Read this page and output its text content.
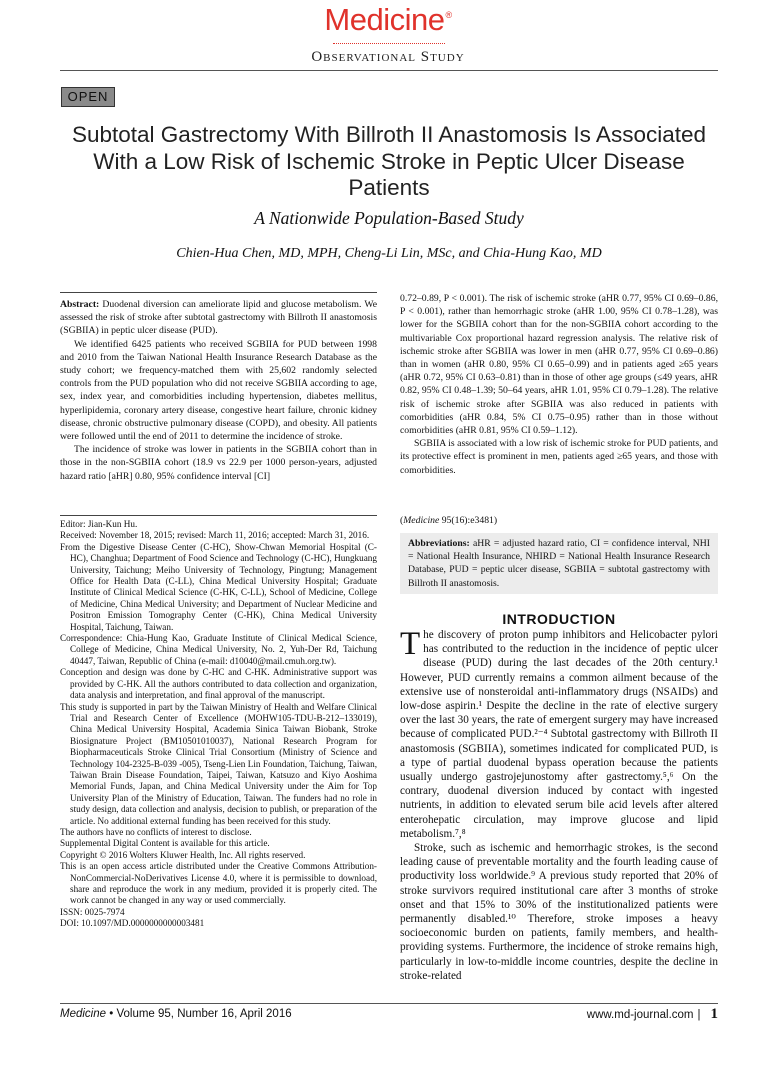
Medicine®
Observational Study
OPEN
Subtotal Gastrectomy With Billroth II Anastomosis Is Associated With a Low Risk of Ischemic Stroke in Peptic Ulcer Disease Patients
A Nationwide Population-Based Study
Chien-Hua Chen, MD, MPH, Cheng-Li Lin, MSc, and Chia-Hung Kao, MD

Abstract: Duodenal diversion can ameliorate lipid and glucose metabolism. We assessed the risk of stroke after subtotal gastrectomy with Billroth II anastomosis (SGBIIA) in peptic ulcer disease (PUD).

We identified 6425 patients who received SGBIIA for PUD between 1998 and 2010 from the Taiwan National Health Insurance Research Database as the study cohort; we frequency-matched them with 25,602 randomly selected controls from the PUD population who did not receive SGBIIA according to age, sex, index year, and comorbidities including hypertension, diabetes mellitus, hyperlipidemia, coronary artery disease, congestive heart failure, chronic kidney disease, chronic obstructive pulmonary disease (COPD), and obesity. All patients were followed until the end of 2011 to determine the incidence of stroke.

The incidence of stroke was lower in patients in the SGBIIA cohort than in those in the non-SGBIIA cohort (18.9 vs 22.9 per 1000 person-years, adjusted hazard ratio [aHR] 0.80, 95% confidence interval [CI]

0.72–0.89, P < 0.001). The risk of ischemic stroke (aHR 0.77, 95% CI 0.69–0.86, P < 0.001), rather than hemorrhagic stroke (aHR 1.00, 95% CI 0.78–1.28), was lower for the SGBIIA cohort than for the non-SGBIIA cohort according to the multivariable Cox proportional hazard regression analysis. The relative risk of ischemic stroke after SGBIIA was lower in men (aHR 0.77, 95% CI 0.69–0.86) than in women (aHR 0.80, 95% CI 0.65–0.99) and in patients aged ≥65 years (aHR 0.72, 95% CI 0.63–0.81) than in those of other age groups (≤49 years, aHR 0.82, 95% CI 0.48–1.39; 50–64 years, aHR 1.01, 95% CI 0.79–1.28). The relative risk of ischemic stroke after SGBIIA was also reduced in patients with comorbidities (aHR 0.84, 5% CI 0.75–0.95) rather than in those without comorbidities (aHR 0.81, 95% CI 0.59–1.12).

SGBIIA is associated with a low risk of ischemic stroke for PUD patients, and its protective effect is prominent in men, patients aged ≥65 years, and those with comorbidities.

(Medicine 95(16):e3481)
Abbreviations: aHR = adjusted hazard ratio, CI = confidence interval, NHI = National Health Insurance, NHIRD = National Health Insurance Research Database, PUD = peptic ulcer disease, SGBIIA = subtotal gastrectomy with Billroth II anastomosis.

Editor: Jian-Kun Hu.

Received: November 18, 2015; revised: March 11, 2016; accepted: March 31, 2016.

From the Digestive Disease Center (C-HC), Show-Chwan Memorial Hospital (C-HC), Changhua; Department of Food Science and Technology (C-HC), Hungkuang University, Taichung; Meiho University of Technology, Pingtung; Management Office for Health Data (C-LL), China Medical University Hospital; Graduate Institute of Clinical Medical Science (C-HK, C-LL), School of Medicine, College of Medicine, China Medical University; and Department of Nuclear Medicine and Positron Emission Tomography Center (C-HK), China Medical University Hospital, Taichung, Taiwan.

Correspondence: Chia-Hung Kao, Graduate Institute of Clinical Medical Science, College of Medicine, China Medical University, No. 2, Yuh-Der Rd, Taichung 40447, Taiwan, Republic of China (e-mail: d10040@mail.cmuh.org.tw).

Conception and design was done by C-HC and C-HK. Administrative support was provided by C-HK. All the authors contributed to data collection and organization, data analysis and interpretation, and final approval of the manuscript.

This study is supported in part by the Taiwan Ministry of Health and Welfare Clinical Trial and Research Center of Excellence (MOHW105-TDU-B-212–133019), China Medical University Hospital, Academia Sinica Taiwan Biobank, Stroke Biosignature Project (BM10501010037), National Research Program for Biopharmaceuticals Stroke Clinical Trial Consortium (Ministry of Science and Technology 104-2325-B-039 -005), Tseng-Lien Lin Foundation, Taichung, Taiwan, Taiwan Brain Disease Foundation, Taipei, Taiwan, Katsuzo and Kiyo Aoshima Memorial Funds, Japan, and China Medical University under the Aim for Top University Plan of the Ministry of Education, Taiwan. The funders had no role in study design, data collection and analysis, decision to publish, or preparation of the article. No additional external funding has been received for this study.

The authors have no conflicts of interest to disclose.

Supplemental Digital Content is available for this article.

Copyright © 2016 Wolters Kluwer Health, Inc. All rights reserved.

This is an open access article distributed under the Creative Commons Attribution-NonCommercial-NoDerivatives License 4.0, where it is permissible to download, share and reproduce the work in any medium, provided it is properly cited. The work cannot be changed in any way or used commercially.

ISSN: 0025-7974

DOI: 10.1097/MD.0000000000003481

INTRODUCTION

The discovery of proton pump inhibitors and Helicobacter pylori has contributed to the reduction in the incidence of peptic ulcer disease (PUD) during the last decades of the 20th century.¹ However, PUD currently remains a common ailment because of the extensive use of nonsteroidal anti-inflammatory drugs (NSAIDs) and low-dose aspirin.¹ Despite the decline in the rate of elective surgery over the last 30 years, the rate of emergent surgery may have increased because of complicated PUD.²⁻⁴ Subtotal gastrectomy with Billroth II anastomosis (SGBIIA), sometimes indicated for complicated PUD, is a type of partial duodenal bypass operation because the patients usually undergo gastrojejunostomy after gastrectomy.⁵,⁶ On the contrary, duodenal diversion induced by contact with ingested nutrients, in addition to elevated serum bile acid levels after altered enterohepatic circulation, may improve glucose and lipid metabolism.⁷,⁸

Stroke, such as ischemic and hemorrhagic strokes, is the second leading cause of preventable mortality and the fourth leading cause of productivity loss worldwide.⁹ A previous study reported that 20% of stroke survivors required institutional care after 3 months of stroke onset and that 15% to 30% of the institutionalized patients were permanently disabled.¹⁰ Therefore, stroke imposes a heavy socioeconomic burden on patients, family members, and health-providing systems. Furthermore, the incidence of stroke remains high, particularly in low-to-middle income countries, despite the decline in stroke-related

Medicine • Volume 95, Number 16, April 2016	www.md-journal.com | 1
